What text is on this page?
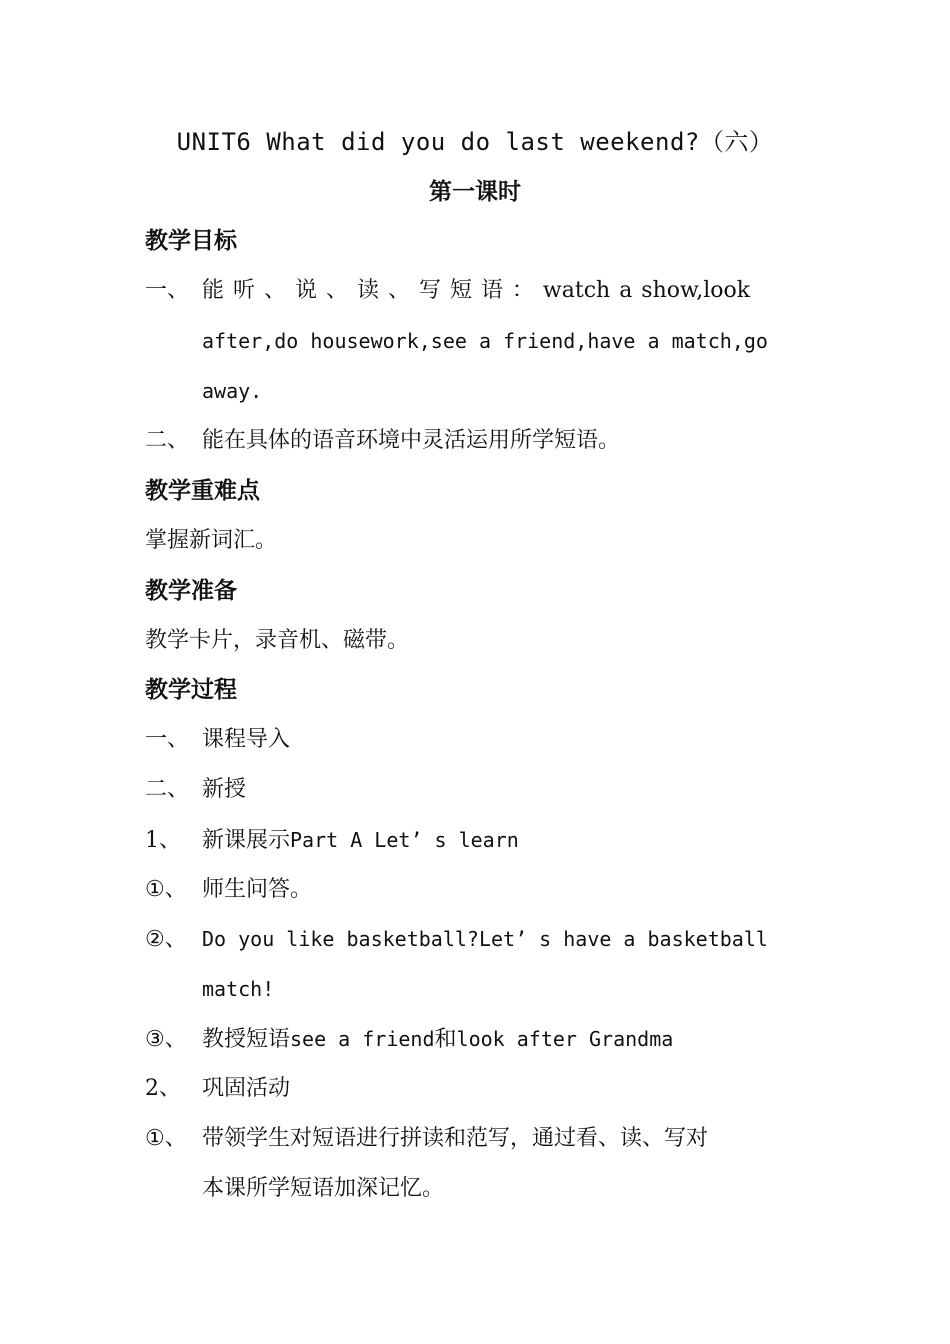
UNIT6 What did you do last weekend?（六）
第一课时
教学目标
一、 能 听 、 说 、 读 、 写 短 语 ： watch a show,look
after,do housework,see a friend,have a match,go
away.
二、 能在具体的语音环境中灵活运用所学短语。
教学重难点
掌握新词汇。
教学准备
教学卡片，录音机、磁带。
教学过程
一、 课程导入
二、 新授
1、 新课展示Part A Let’ s learn
①、 师生问答。
②、 Do you like basketball?Let’ s have a basketball
match!
③、 教授短语see a friend和look after Grandma
2、 巩固活动
①、 带领学生对短语进行拼读和范写，通过看、读、写对
本课所学短语加深记忆。
